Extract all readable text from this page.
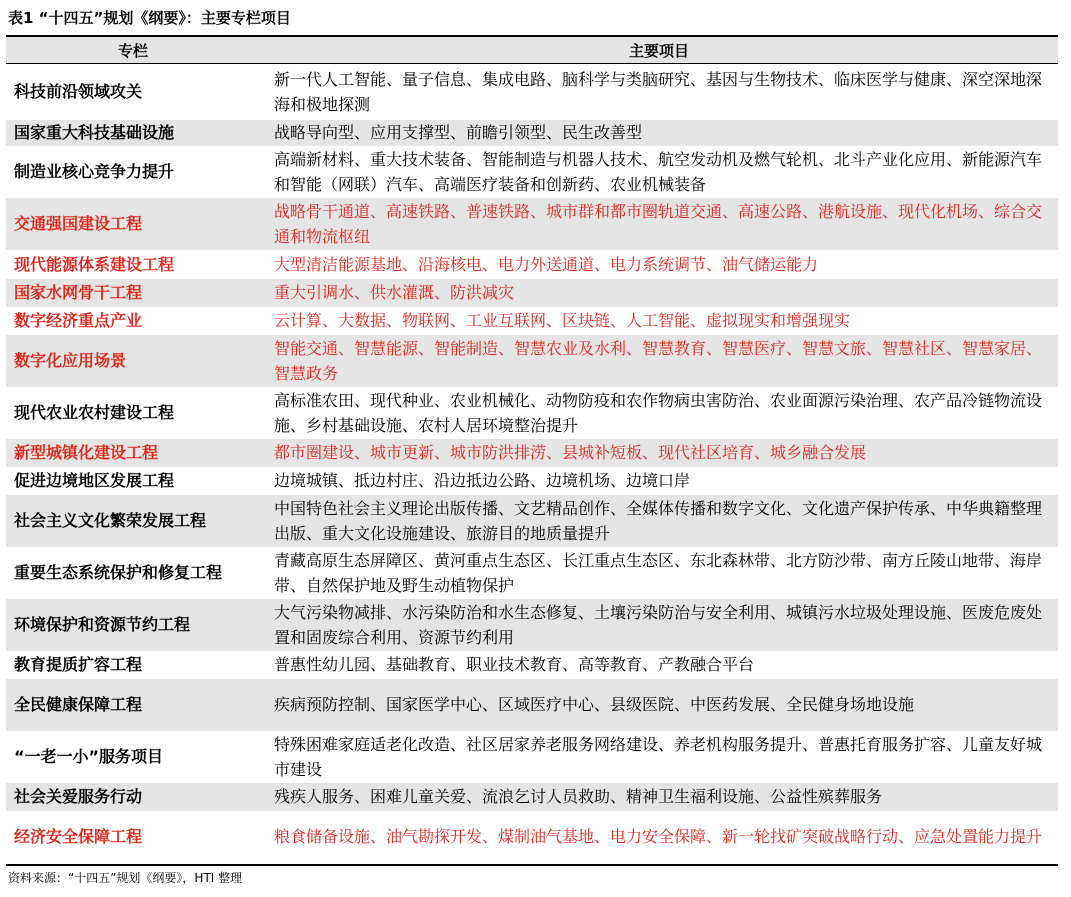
表1 “十四五”规划《纲要》：主要专栏项目
专栏	主要项目
科技前沿领域攻关	新一代人工智能、量子信息、集成电路、脑科学与类脑研究、基因与生物技术、临床医学与健康、深空深地深海和极地探测
国家重大科技基础设施	战略导向型、应用支撑型、前瞻引领型、民生改善型
制造业核心竞争力提升	高端新材料、重大技术装备、智能制造与机器人技术、航空发动机及燃气轮机、北斗产业化应用、新能源汽车和智能（网联）汽车、高端医疗装备和创新药、农业机械装备
交通强国建设工程	战略骨干通道、高速铁路、普速铁路、城市群和都市圈轨道交通、高速公路、港航设施、现代化机场、综合交通和物流枢纽
现代能源体系建设工程	大型清洁能源基地、沿海核电、电力外送通道、电力系统调节、油气储运能力
国家水网骨干工程	重大引调水、供水灌溉、防洪减灾
数字经济重点产业	云计算、大数据、物联网、工业互联网、区块链、人工智能、虚拟现实和增强现实
数字化应用场景	智能交通、智慧能源、智能制造、智慧农业及水利、智慧教育、智慧医疗、智慧文旅、智慧社区、智慧家居、智慧政务
现代农业农村建设工程	高标准农田、现代种业、农业机械化、动物防疫和农作物病虫害防治、农业面源污染治理、农产品冷链物流设施、乡村基础设施、农村人居环境整治提升
新型城镇化建设工程	都市圈建设、城市更新、城市防洪排涝、县城补短板、现代社区培育、城乡融合发展
促进边境地区发展工程	边境城镇、抵边村庄、沿边抵边公路、边境机场、边境口岸
社会主义文化繁荣发展工程	中国特色社会主义理论出版传播、文艺精品创作、全媒体传播和数字文化、文化遗产保护传承、中华典籍整理出版、重大文化设施建设、旅游目的地质量提升
重要生态系统保护和修复工程	青藏高原生态屏障区、黄河重点生态区、长江重点生态区、东北森林带、北方防沙带、南方丘陵山地带、海岸带、自然保护地及野生动植物保护
环境保护和资源节约工程	大气污染物减排、水污染防治和水生态修复、土壤污染防治与安全利用、城镇污水垃圾处理设施、医废危废处置和固废综合利用、资源节约利用
教育提质扩容工程	普惠性幼儿园、基础教育、职业技术教育、高等教育、产教融合平台
全民健康保障工程	疾病预防控制、国家医学中心、区域医疗中心、县级医院、中医药发展、全民健身场地设施
“一老一小”服务项目	特殊困难家庭适老化改造、社区居家养老服务网络建设、养老机构服务提升、普惠托育服务扩容、儿童友好城市建设
社会关爱服务行动	残疾人服务、困难儿童关爱、流浪乞讨人员救助、精神卫生福利设施、公益性殡葬服务
经济安全保障工程	粮食储备设施、油气勘探开发、煤制油气基地、电力安全保障、新一轮找矿突破战略行动、应急处置能力提升
资料来源：“十四五”规划《纲要》，HTI 整理
